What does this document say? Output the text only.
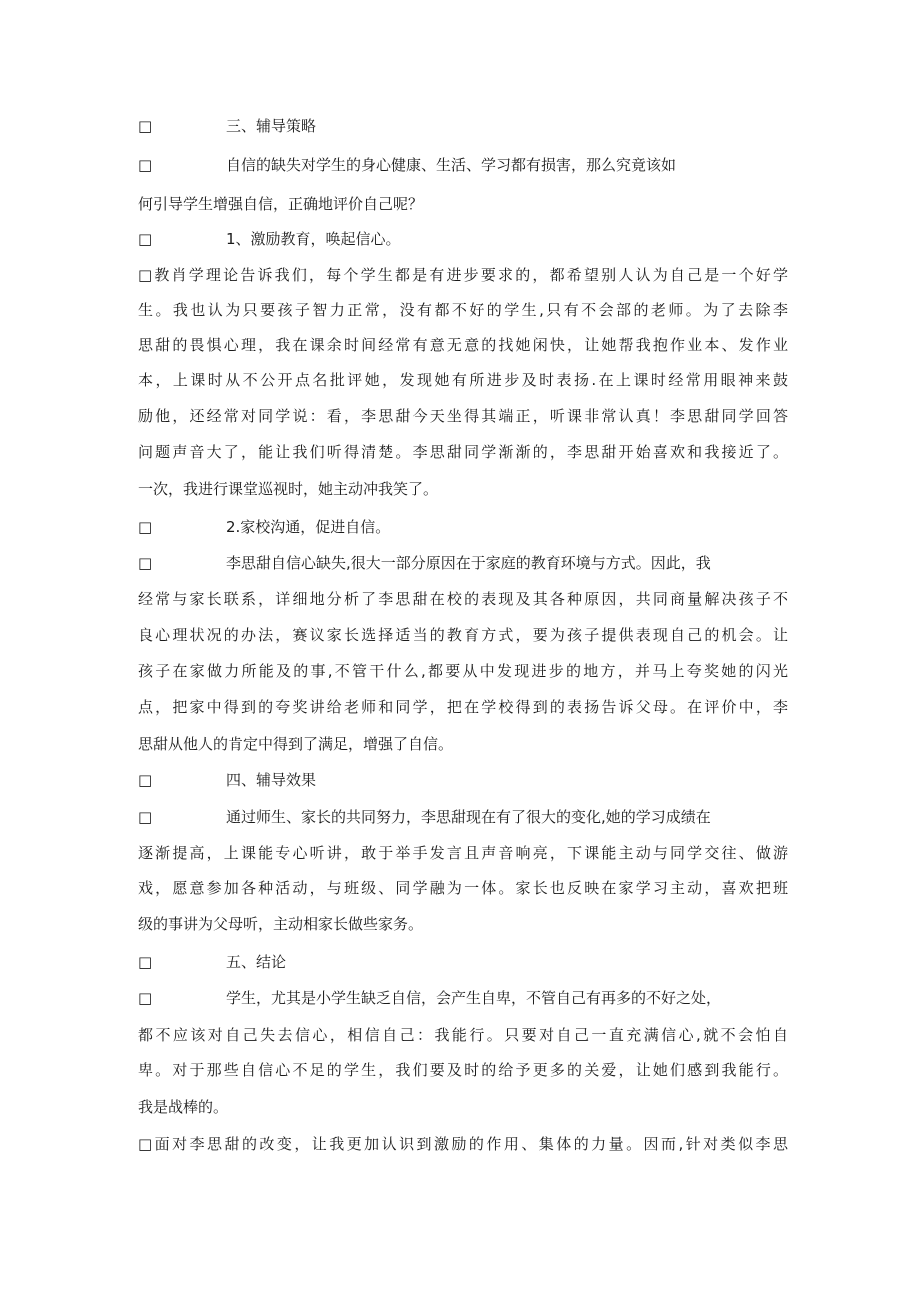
□	三、辅导策略
□	自信的缺失对学生的身心健康、生活、学习都有损害，那么究竟该如
何引导学生增强自信，正确地评价自己呢？
□	1、激励教育，唤起信心。
□教肖学理论告诉我们，每个学生都是有进步要求的，都希望别人认为自己是一个好学
生。我也认为只要孩子智力正常，没有都不好的学生,只有不会部的老师。为了去除李
思甜的畏惧心理，我在课余时间经常有意无意的找她闲快，让她帮我抱作业本、发作业
本，上课时从不公开点名批评她，发现她有所进步及时表扬.在上课时经常用眼神来鼓
励他，还经常对同学说：看，李思甜今天坐得其端正，听课非常认真！李思甜同学回答
问题声音大了，能让我们听得清楚。李思甜同学渐渐的，李思甜开始喜欢和我接近了。
一次，我进行课堂巡视时，她主动冲我笑了。
□	2.家校沟通，促进自信。
□	李思甜自信心缺失,很大一部分原因在于家庭的教育环境与方式。因此，我
经常与家长联系，详细地分析了李思甜在校的表现及其各种原因，共同商量解决孩子不
良心理状况的办法，赛议家长选择适当的教育方式，要为孩子提供表现自己的机会。让
孩子在家做力所能及的事,不管干什么,都要从中发现进步的地方，并马上夸奖她的闪光
点，把家中得到的夸奖讲给老师和同学，把在学校得到的表扬告诉父母。在评价中，李
思甜从他人的肯定中得到了满足，增强了自信。
□	四、辅导效果
□	通过师生、家长的共同努力，李思甜现在有了很大的变化,她的学习成绩在
逐渐提高，上课能专心听讲，敢于举手发言且声音响亮，下课能主动与同学交往、做游
戏，愿意参加各种活动，与班级、同学融为一体。家长也反映在家学习主动，喜欢把班
级的事讲为父母听，主动相家长做些家务。
□	五、结论
□	学生，尤其是小学生缺乏自信，会产生自卑，不管自己有再多的不好之处，
都不应该对自己失去信心，相信自己：我能行。只要对自己一直充满信心,就不会怕自
卑。对于那些自信心不足的学生，我们要及时的给予更多的关爱，让她们感到我能行。
我是战棒的。
□面对李思甜的改变，让我更加认识到激励的作用、集体的力量。因而,针对类似李思
